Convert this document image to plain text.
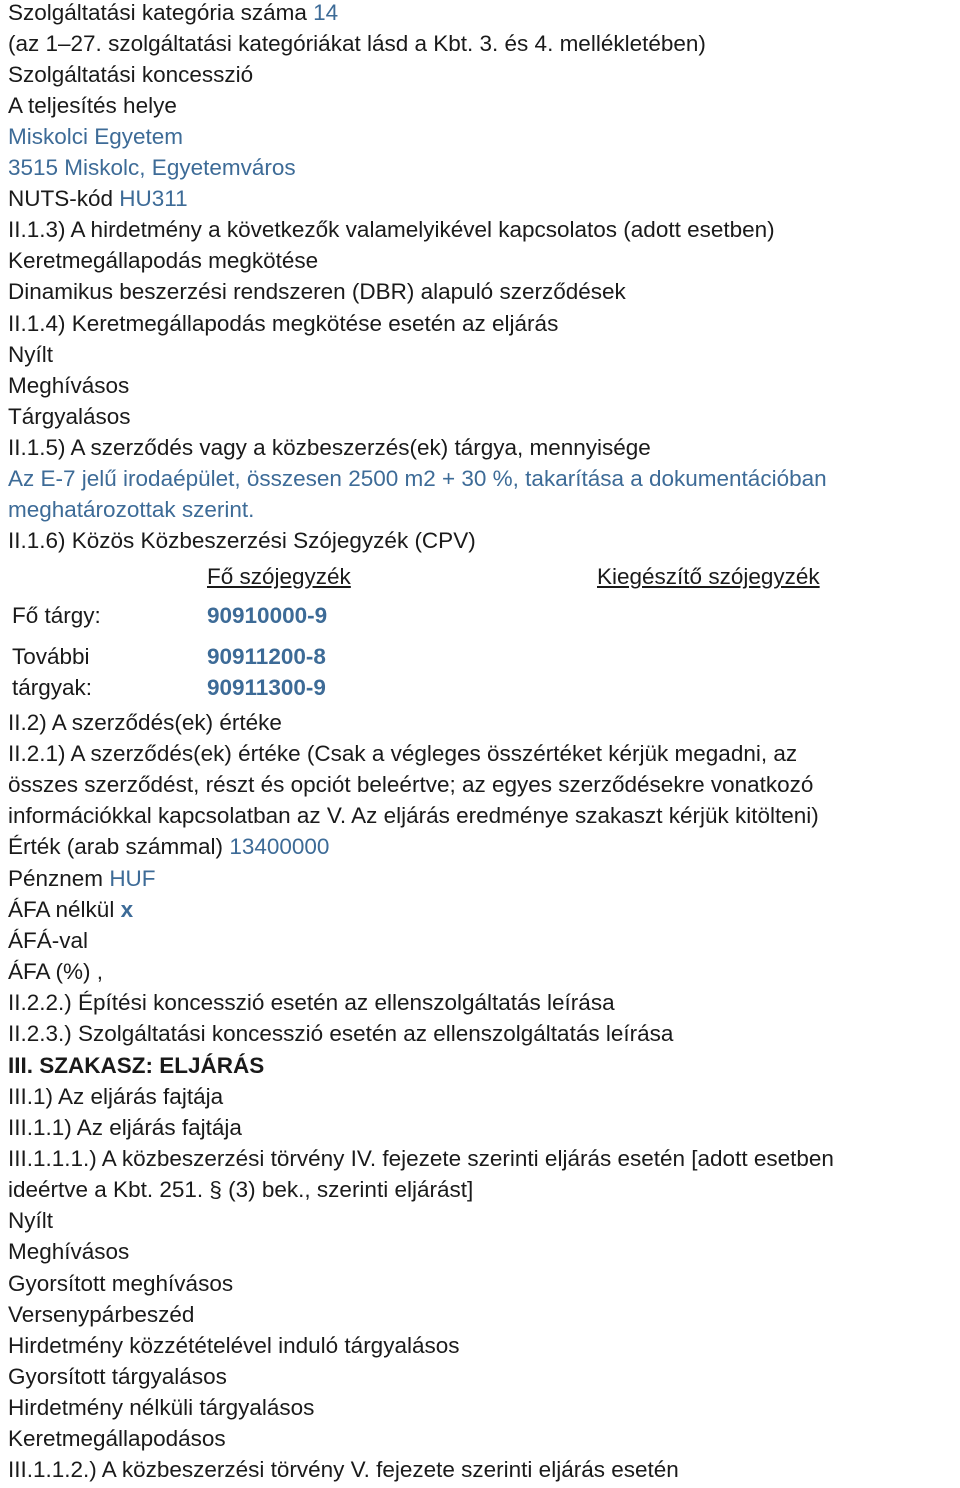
Szolgáltatási kategória száma 14
(az 1–27. szolgáltatási kategóriákat lásd a Kbt. 3. és 4. mellékletében)
Szolgáltatási koncesszió
A teljesítés helye
Miskolci Egyetem
3515 Miskolc, Egyetemváros
NUTS-kód HU311
II.1.3) A hirdetmény a következők valamelyikével kapcsolatos (adott esetben)
Keretmegállapodás megkötése
Dinamikus beszerzési rendszeren (DBR) alapuló szerződések
II.1.4) Keretmegállapodás megkötése esetén az eljárás
Nyílt
Meghívásos
Tárgyalásos
II.1.5) A szerződés vagy a közbeszerzés(ek) tárgya, mennyisége
Az E-7 jelű irodaépület, összesen 2500 m2 + 30 %, takarítása a dokumentációban
meghatározottak szerint.
II.1.6) Közös Közbeszerzési Szójegyzék (CPV)
Fő szójegyzék	Kiegészítő szójegyzék
Fő tárgy:	90910000-9
További
tárgyak:
90911200-8
90911300-9
II.2) A szerződés(ek) értéke
II.2.1) A szerződés(ek) értéke (Csak a végleges összértéket kérjük megadni, az
összes szerződést, részt és opciót beleértve; az egyes szerződésekre vonatkozó
információkkal kapcsolatban az V. Az eljárás eredménye szakaszt kérjük kitölteni)
Érték (arab számmal) 13400000
Pénznem HUF
ÁFA nélkül x
ÁFÁ-val
ÁFA (%) ,
II.2.2.) Építési koncesszió esetén az ellenszolgáltatás leírása
II.2.3.) Szolgáltatási koncesszió esetén az ellenszolgáltatás leírása
III. SZAKASZ: ELJÁRÁS
III.1) Az eljárás fajtája
III.1.1) Az eljárás fajtája
III.1.1.1.) A közbeszerzési törvény IV. fejezete szerinti eljárás esetén [adott esetben
ideértve a Kbt. 251. § (3) bek., szerinti eljárást]
Nyílt
Meghívásos
Gyorsított meghívásos
Versenypárbeszéd
Hirdetmény közzétételével induló tárgyalásos
Gyorsított tárgyalásos
Hirdetmény nélküli tárgyalásos
Keretmegállapodásos
III.1.1.2.) A közbeszerzési törvény V. fejezete szerinti eljárás esetén
